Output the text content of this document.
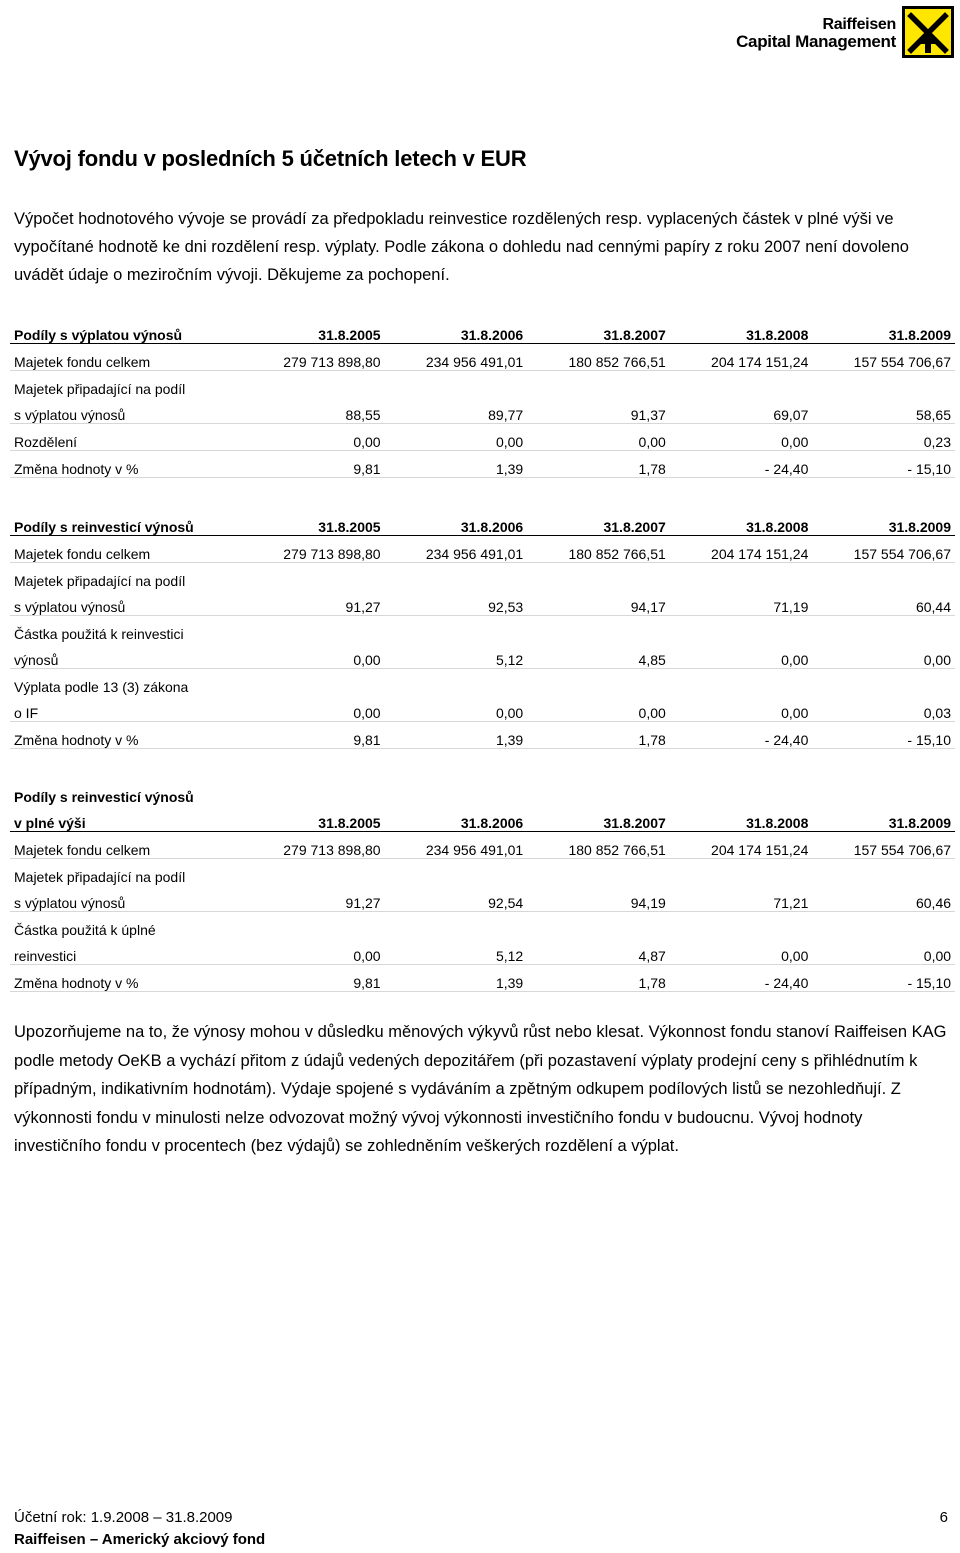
Raiffeisen
Capital Management
Vývoj fondu v posledních 5 účetních letech v EUR

Výpočet hodnotového vývoje se provádí za předpokladu reinvestice rozdělených resp. vyplacených částek v plné výši ve vypočítané hodnotě ke dni rozdělení resp. výplaty. Podle zákona o dohledu nad cennými papíry z roku 2007 není dovoleno uvádět údaje o meziročním vývoji. Děkujeme za pochopení.

Podíly s výplatou výnosů	31.8.2005	31.8.2006	31.8.2007	31.8.2008	31.8.2009
Majetek fondu celkem	279 713 898,80	234 956 491,01	180 852 766,51	204 174 151,24	157 554 706,67
Majetek připadající na podíl					
s výplatou výnosů	88,55	89,77	91,37	69,07	58,65
Rozdělení	0,00	0,00	0,00	0,00	0,23
Změna hodnoty v %	9,81	1,39	1,78	- 24,40	- 15,10
Podíly s reinvesticí výnosů	31.8.2005	31.8.2006	31.8.2007	31.8.2008	31.8.2009
Majetek fondu celkem	279 713 898,80	234 956 491,01	180 852 766,51	204 174 151,24	157 554 706,67
Majetek připadající na podíl					
s výplatou výnosů	91,27	92,53	94,17	71,19	60,44
Částka použitá k reinvestici					
výnosů	0,00	5,12	4,85	0,00	0,00
Výplata podle 13 (3) zákona					
o IF	0,00	0,00	0,00	0,00	0,03
Změna hodnoty v %	9,81	1,39	1,78	- 24,40	- 15,10
Podíly s reinvesticí výnosů					
v plné výši	31.8.2005	31.8.2006	31.8.2007	31.8.2008	31.8.2009
Majetek fondu celkem	279 713 898,80	234 956 491,01	180 852 766,51	204 174 151,24	157 554 706,67
Majetek připadající na podíl					
s výplatou výnosů	91,27	92,54	94,19	71,21	60,46
Částka použitá k úplné					
reinvestici	0,00	5,12	4,87	0,00	0,00
Změna hodnoty v %	9,81	1,39	1,78	- 24,40	- 15,10

Upozorňujeme na to, že výnosy mohou v důsledku měnových výkyvů růst nebo klesat. Výkonnost fondu stanoví Raiffeisen KAG podle metody OeKB a vychází přitom z údajů vedených depozitářem (při pozastavení výplaty prodejní ceny s přihlédnutím k případným, indikativním hodnotám). Výdaje spojené s vydáváním a zpětným odkupem podílových listů se nezohledňují. Z výkonnosti fondu v minulosti nelze odvozovat možný vývoj výkonnosti investičního fondu v budoucnu. Vývoj hodnoty investičního fondu v procentech (bez výdajů) se zohledněním veškerých rozdělení a výplat.

Účetní rok: 1.9.2008 – 31.8.2009	6
Raiffeisen – Americký akciový fond
